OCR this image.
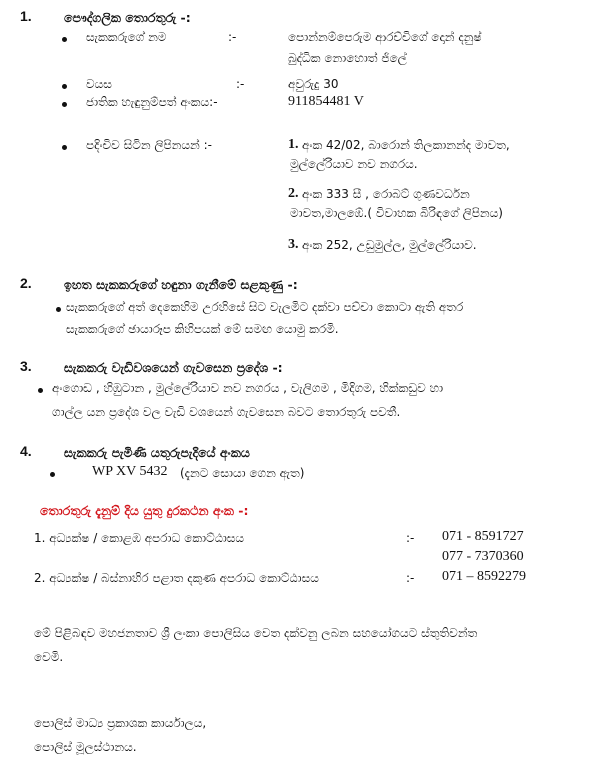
1.	පෞද්ගලික තොරතුරු -:
සැකකරුගේ නම	:-	පොන්නම්පෙරුම ආරච්චිගේ දොන් දනුෂ්
බුද්ධික නොහොත් ජිලේ
වයස	:-	අවුරුදු 30
ජාතික හැඳුනුම්පත් අංකය:-	911854481 V
පදිංචිව සිටින ලිපිනයන් :-	1. අංක 42/02, බාරොන් තිලකානන්ද මාවත,
මුල්ලේරියාව නව නගරය.
2. අංක 333 සී , රොබට් ගුණවර්ධන
මාවත,මාලඹේ.( විවාහක බිරිඳගේ ලිපිනය)
3. අංක 252, උඩුමුල්ල, මුල්ලේරියාව.
2.	ඉහත සැකකරුගේ හඳුනා ගැනීමේ සළකුණු -:
සැකකරුගේ අත් දෙකෙහිම උරහිසේ සිට වැලමිට දක්වා පච්චා කොටා ඇති අතර
සැකකරුගේ ඡායාරූප කිහිපයක් මේ සමඟ යොමු කරමි.
3.	සැකකරු වැඩිවශයෙන් ගැවසෙන ප්‍රදේශ -:
අංගොඩ , හිඹුටාන , මුල්ලේරියාව නව නගරය , වැලිගම , මිදිගම, හික්කඩුව හා
ගාල්ල යන ප්‍රදේශ වල වැඩි වශයෙන් ගැවසෙන බවට තොරතුරු පවතී.
4.	සැකකරු පැමිණි යතුරුපැදියේ අංකය
WP XV 5432 (දැනට සොයා ගෙන ඇත)
තොරතුරු දැනුම් දිය යුතු දුරකථන අංක -:
1. අධ්‍යක්ෂ / කොළඹ අපරාධ කොට්ඨාසය	:- 071 - 8591727
077 - 7370360
2. අධ්‍යක්ෂ / බස්නාහිර පළාත දකුණ අපරාධ කොට්ඨාසය	:- 071 – 8592279
මේ පිළිබඳව මහජනතාව ශ්‍රී ලංකා පොලිසිය වෙත දක්වනු ලබන සහයෝගයට ස්තුතිවන්ත
වෙමි.
පොලිස් මාධ්‍ය ප්‍රකාශක කාර්යාලය,
පොලිස් මූලස්ථානය.
